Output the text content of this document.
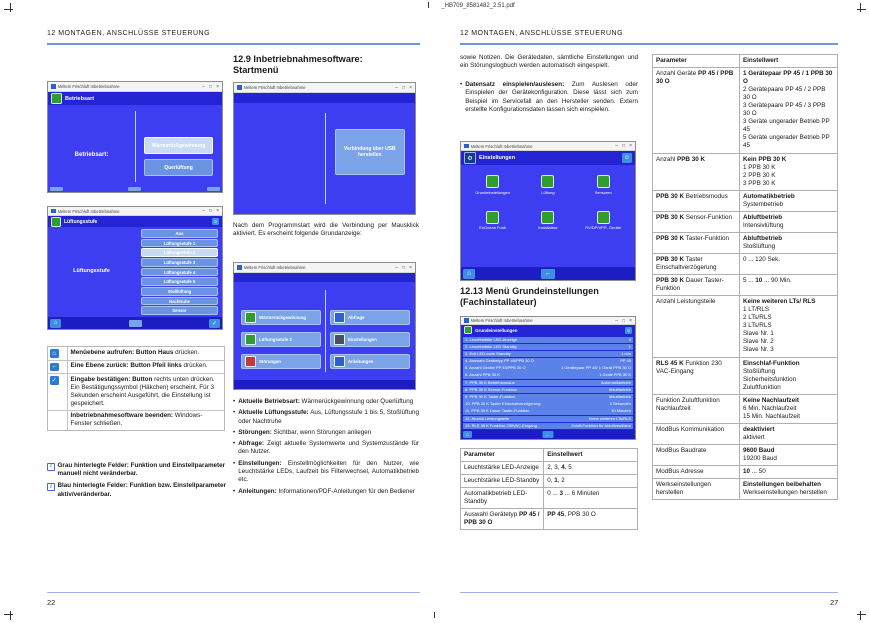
_HB709_8581482_2.51.pdf
12 MONTAGEN, ANSCHLÜSSE STEUERUNG
Meltem Frischluft Inbetriebnahme	– □ ×
Betriebsart
Betriebsart:
Wärmerückgewinnung
Querlüftung
Meltem Frischluft Inbetriebnahme	– □ ×
Lüftungsstufe	☺
Lüftungsstufe
Aus
Lüftungsstufe 1
Lüftungsstufe 2
Lüftungsstufe 3
Lüftungsstufe 4
Lüftungsstufe 5
Stoßlüftung
Nachtruhe
Sensor
⌂	✓
⌂	Menüebene aufrufen: Button Haus drücken.
←	Eine Ebene zurück: Button Pfeil links drücken.
✓	Eingabe bestätigen: Button rechts unten drücken. Ein Bestätigungssymbol (Häkchen) erscheint. Für 3 Sekunden erscheint Ausgeführt, die Einstellung ist gespeichert.
Inbetriebnahmesoftware beenden: Windows-Fenster schließen.
i Grau hinterlegte Felder: Funktion und Einstellparameter manuell nicht veränderbar.
i Blau hinterlegte Felder: Funktion bzw. Einstellparameter aktiv/veränderbar.
22
12.9 Inbetriebnahmesoftware: Startmenü
Meltem Frischluft Inbetriebnahme	– □ ×
Verbindung über USB herstellen
Nach dem Programmstart wird die Verbindung per Mausklick aktiviert. Es erscheint folgende Grundanzeige:
Meltem Frischluft Inbetriebnahme	– □ ×
Wärmerückgewinnung
Lüftungsstufe 2
Störungen
Abfrage
Einstellungen
Anleitungen
• Aktuelle Betriebsart: Wärmerückgewinnung oder Querlüftung
• Aktuelle Lüftungsstufe: Aus, Lüftungsstufe 1 bis 5, Stoßlüftung oder Nachtruhe
• Störungen: Sichtbar, wenn Störungen anliegen
• Abfrage: Zeigt aktuelle Systemwerte und Systemzustände für den Nutzer.
• Einstellungen: Einstellmöglichkeiten für den Nutzer, wie Leuchtstärke LEDs, Laufzeit bis Filterwechsel, Automatikbetrieb etc.
• Anleitungen: Informationen/PDF-Anleitungen für den Bediener
12 MONTAGEN, ANSCHLÜSSE STEUERUNG
sowie Notizen. Die Gerätedaten, sämtliche Einstellungen und ein Störungslogbuch werden automatisch eingespielt.
• Datensatz einspielen/auslesen: Zum Auslesen oder Einspielen der Gerätekonfiguration. Diese lässt sich zum Beispiel im Servicefall an den Hersteller senden. Extern erstellte Konfigurationsdaten lassen sich einspielen.
Meltem Frischluft Inbetriebnahme	– □ ×
⚙	Einstellungen	☺
Grundeinstellungen	Lüftung	Sensoren
EnOcean Funk	Installateur	RV/DP/VPP- Geräte
⌂	←
12.13 Menü Grundeinstellungen (Fachinstallateur)
Meltem Frischluft Inbetriebnahme	– □ ×
Grundeinstellungen	☺
1. Leuchtstärke LED-Anzeige	4
2. Leuchtstärke LED Standby	1
3. Exit LED-code Standby	1 min
4. Auswahl Gerätetyp PP 45/PPB 30 O	PP 45
5. Anzahl Geräte PP 45/PPB 30 O	1 Gerätepaar PP 45/ 1 Gerät PPB 30 O
6. Anzahl PPB 30 K	1 Gerät PPB 30 K
7. PPB 30 K Betriebsmodus	Automatikbetrieb
8. PPB 30 K Sensor-Funktion	Abluftbetrieb
9. PPB 30 K Taster-Funktion	Abluftbetrieb
10. PPB 30 K Taster Einschaltverzögerung	0 Sekunden
11. PPB 30 K Dauer Taster-Funktion	10 Minuten
12. Anzahl Leistungsteile	Keine weiteren LTs/RLS
13. RLS 45 K Funktion 230VAC-Eingang	Zuluft-Funktion für Abluftventilator
⌂	←
Parameter	Einstellwert
Leuchtstärke LED-Anzeige	2, 3, 4, 5

Leuchtstärke LED-Standby	0, 1, 2

Automatikbetrieb LED-Standby	0 ... 3 ... 6 Minuten

Auswahl Gerätetyp PP 45 / PPB 30 O	PP 45, PPB 30 O
27
Parameter	Einstellwert
Anzahl Geräte PP 45 / PPB 30 O	1 Gerätepaar PP 45 / 1 PPB 30 O
2 Gerätepaare PP 45 / 2 PPB 30 O
3 Gerätepaare PP 45 / 3 PPB 30 O
3 Geräte ungerader Betrieb PP 45
5 Geräte ungerader Betrieb PP 45

Anzahl PPB 30 K	Kein PPB 30 K
1 PPB 30 K
2 PPB 30 K
3 PPB 30 K

PPB 30 K Betriebsmodus	Automatikbetrieb
Systembetrieb

PPB 30 K Sensor-Funktion	Abluftbetrieb
Intensivlüftung

PPB 30 K Taster-Funktion	Abluftbetrieb
Stoßlüftung

PPB 30 K Taster Einschaltverzögerung	0 ... 120 Sek.

PPB 30 K Dauer Taster-Funktion	5 ... 10 ... 90 Min.

Anzahl Leistungsteile	Keine weiteren LTs/ RLS
1 LT/RLS
2 LTs/RLS
3 LTs/RLS
Slave Nr. 1
Slave Nr. 2
Slave Nr. 3

RLS 45 K Funktion 230 VAC-Eingang	Einschlaf-Funktion
Stoßlüftung
Sicherheitsfunktion
Zuluftfunktion

Funktion Zuluftfunktion Nachlaufzeit	Keine Nachlaufzeit
6 Min. Nachlaufzeit
15 Min. Nachlaufzeit

ModBus Kommunikation	deaktiviert
aktiviert

ModBus Baudrate	9600 Baud
19200 Baud

ModBus Adresse	10 ... 50

Werkseinstellungen herstellen	Einstellungen beibehalten
Werkseinstellungen herstellen
